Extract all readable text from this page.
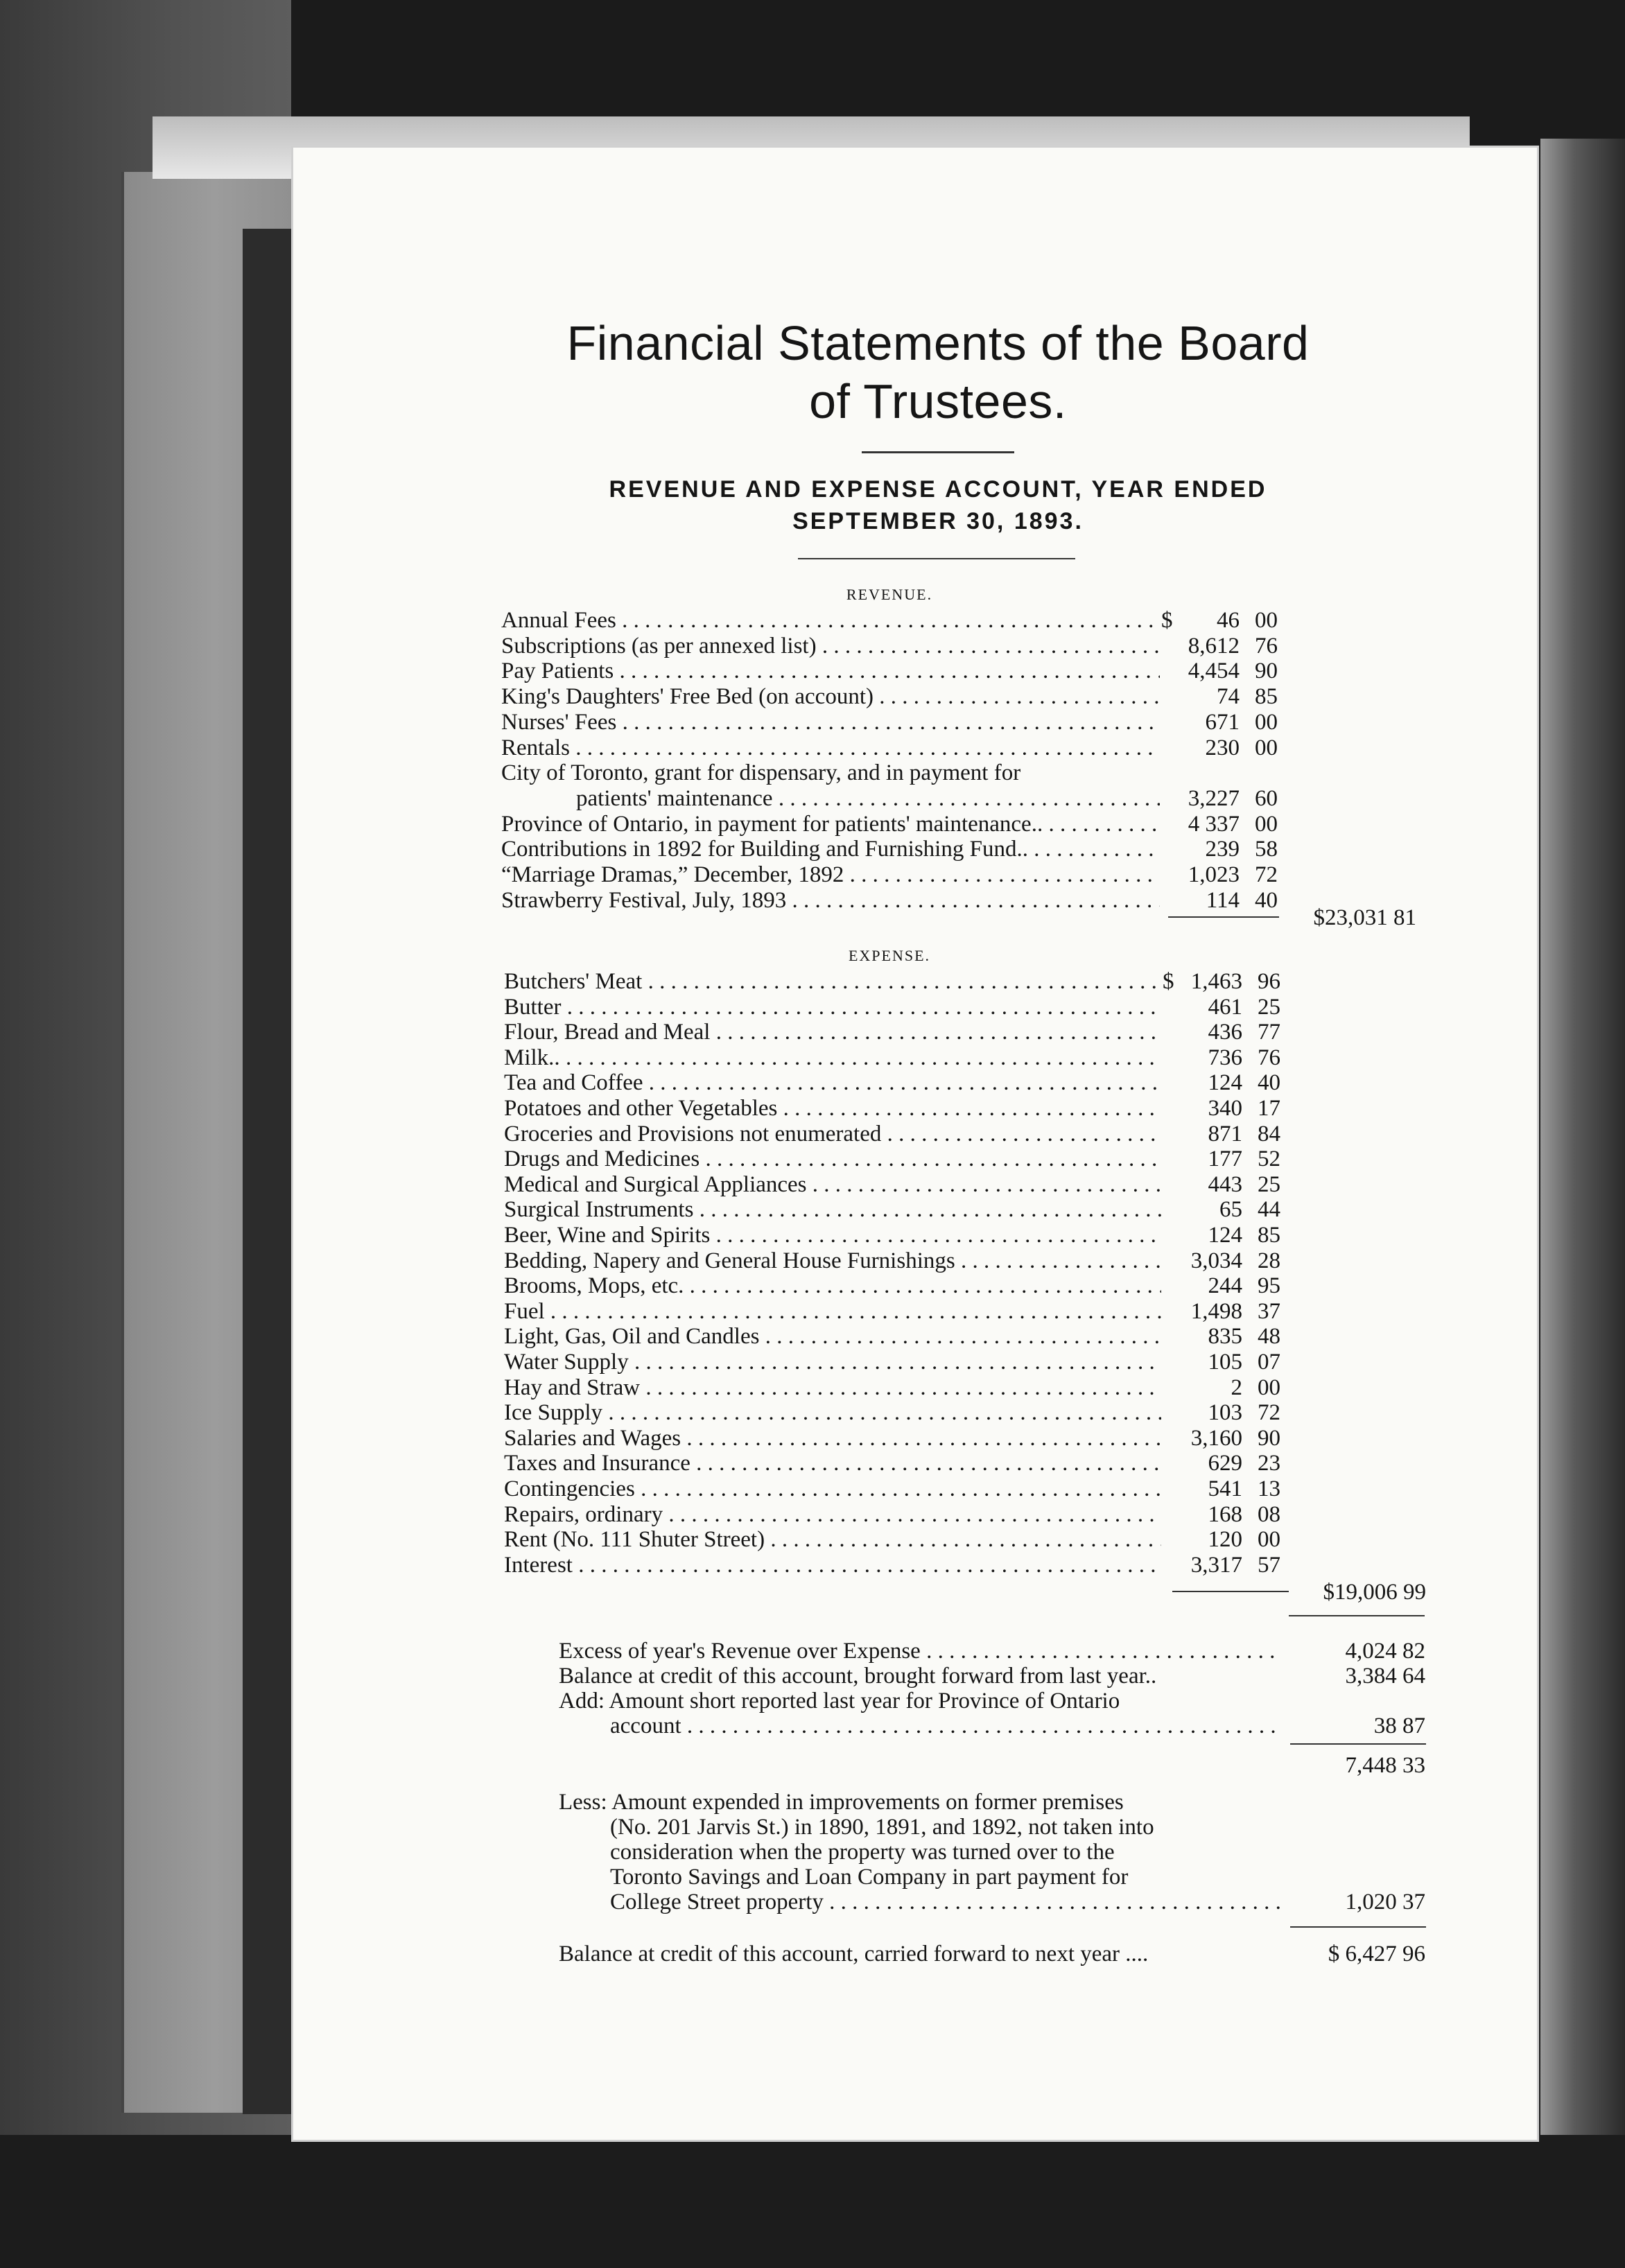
Financial Statements of the Board
of Trustees.
REVENUE AND EXPENSE ACCOUNT, YEAR ENDED
SEPTEMBER 30, 1893.
REVENUE.
Annual Fees . . .	$ 46 00
Subscriptions (as per annexed list) . . .	8,612 76
Pay Patients . . .	4,454 90
King's Daughters' Free Bed (on account) . . .	74 85
Nurses' Fees . . .	671 00
Rentals . . .	230 00
City of Toronto, grant for dispensary, and in payment for
patients' maintenance . . .	3,227 60
Province of Ontario, in payment for patients' maintenance.. . . .	4 337 00
Contributions in 1892 for Building and Furnishing Fund.. . . .	239 58
“Marriage Dramas,” December, 1892 . . .	1,023 72
Strawberry Festival, July, 1893 . . .	114 40
$23,031 81
EXPENSE.
Butchers' Meat . . .	$ 1,463 96
Butter . . .	461 25
Flour, Bread and Meal . . .	436 77
Milk.. . . .	736 76
Tea and Coffee . . .	124 40
Potatoes and other Vegetables . . .	340 17
Groceries and Provisions not enumerated . . .	871 84
Drugs and Medicines . . .	177 52
Medical and Surgical Appliances . . .	443 25
Surgical Instruments . . .	65 44
Beer, Wine and Spirits . . .	124 85
Bedding, Napery and General House Furnishings . . .	3,034 28
Brooms, Mops, etc. . . .	244 95
Fuel . . .	1,498 37
Light, Gas, Oil and Candles . . .	835 48
Water Supply . . .	105 07
Hay and Straw . . .	2 00
Ice Supply . . .	103 72
Salaries and Wages . . .	3,160 90
Taxes and Insurance . . .	629 23
Contingencies . . .	541 13
Repairs, ordinary . . .	168 08
Rent (No. 111 Shuter Street) . . .	120 00
Interest . . .	3,317 57
$19,006 99
Excess of year's Revenue over Expense . . .	4,024 82
Balance at credit of this account, brought forward from last year..	3,384 64
Add: Amount short reported last year for Province of Ontario
account . . .	38 87
7,448 33
Less: Amount expended in improvements on former premises
(No. 201 Jarvis St.) in 1890, 1891, and 1892, not taken into
consideration when the property was turned over to the
Toronto Savings and Loan Company in part payment for
College Street property . . .	1,020 37
Balance at credit of this account, carried forward to next year ....	$ 6,427 96
